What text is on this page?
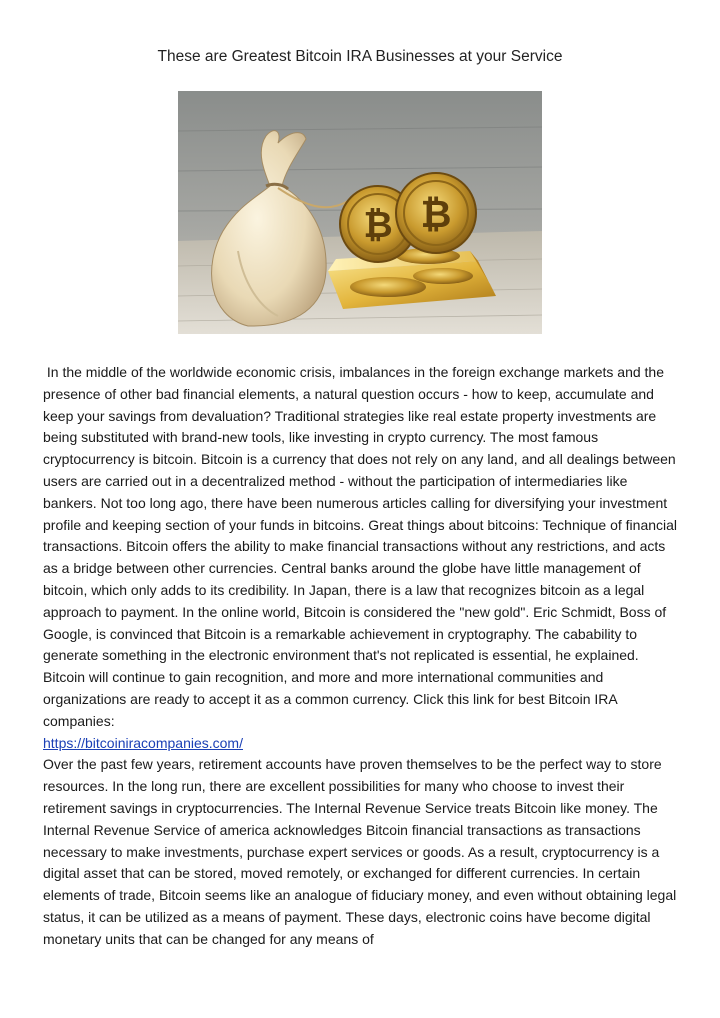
These are Greatest Bitcoin IRA Businesses at your Service
₿ ₿

In the middle of the worldwide economic crisis, imbalances in the foreign exchange markets and the presence of other bad financial elements, a natural question occurs - how to keep, accumulate and keep your savings from devaluation? Traditional strategies like real estate property investments are being substituted with brand-new tools, like investing in crypto currency. The most famous cryptocurrency is bitcoin. Bitcoin is a currency that does not rely on any land, and all dealings between users are carried out in a decentralized method - without the participation of intermediaries like bankers. Not too long ago, there have been numerous articles calling for diversifying your investment profile and keeping section of your funds in bitcoins. Great things about bitcoins: Technique of financial transactions. Bitcoin offers the ability to make financial transactions without any restrictions, and acts as a bridge between other currencies. Central banks around the globe have little management of bitcoin, which only adds to its credibility. In Japan, there is a law that recognizes bitcoin as a legal approach to payment. In the online world, Bitcoin is considered the "new gold". Eric Schmidt, Boss of Google, is convinced that Bitcoin is a remarkable achievement in cryptography. The cabability to generate something in the electronic environment that's not replicated is essential, he explained. Bitcoin will continue to gain recognition, and more and more international communities and organizations are ready to accept it as a common currency. Click this link for best Bitcoin IRA companies:
https://bitcoiniracompanies.com/

Over the past few years, retirement accounts have proven themselves to be the perfect way to store resources. In the long run, there are excellent possibilities for many who choose to invest their retirement savings in cryptocurrencies. The Internal Revenue Service treats Bitcoin like money. The Internal Revenue Service of america acknowledges Bitcoin financial transactions as transactions necessary to make investments, purchase expert services or goods. As a result, cryptocurrency is a digital asset that can be stored, moved remotely, or exchanged for different currencies. In certain elements of trade, Bitcoin seems like an analogue of fiduciary money, and even without obtaining legal status, it can be utilized as a means of payment. These days, electronic coins have become digital monetary units that can be changed for any means of
